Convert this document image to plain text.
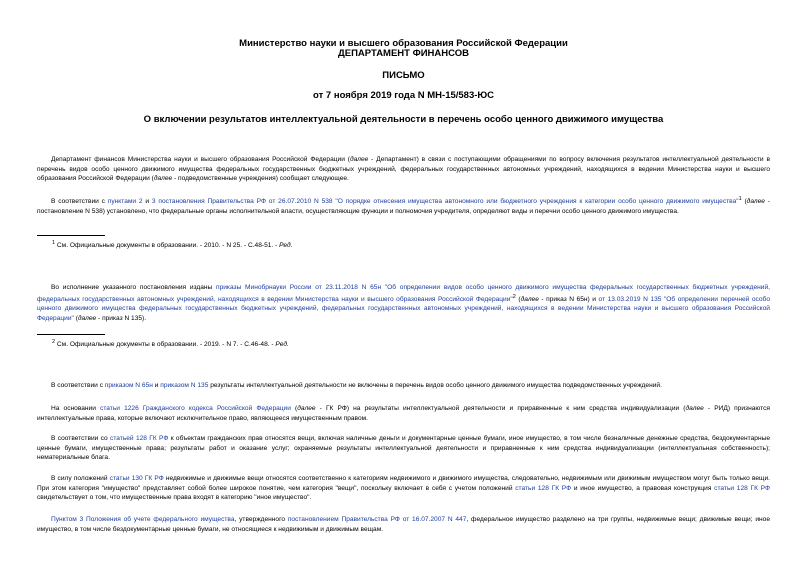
Министерство науки и высшего образования Российской Федерации
ДЕПАРТАМЕНТ ФИНАНСОВ
ПИСЬМО
от 7 ноября 2019 года N МН-15/583-ЮС
О включении результатов интеллектуальной деятельности в перечень особо ценного движимого имущества
Департамент финансов Министерства науки и высшего образования Российской Федерации (далее - Департамент) в связи с поступающими обращениями по вопросу включения результатов интеллектуальной деятельности в перечень видов особо ценного движимого имущества федеральных государственных бюджетных учреждений, федеральных государственных автономных учреждений, находящихся в ведении Министерства науки и высшего образования Российской Федерации (далее - подведомственные учреждения) сообщает следующее.
В соответствии с пунктами 2 и 3 постановления Правительства РФ от 26.07.2010 N 538 "О порядке отнесения имущества автономного или бюджетного учреждения к категории особо ценного движимого имущества"$^1$ (далее - постановление N 538) установлено, что федеральные органы исполнительной власти, осуществляющие функции и полномочия учредителя, определяют виды и перечни особо ценного движимого имущества.
$^1$ См. Официальные документы в образовании. - 2010. - N 25. - С.48-51. - Ред.
Во исполнение указанного постановления изданы приказы Минобрнауки России от 23.11.2018 N 65н "Об определении видов особо ценного движимого имущества федеральных государственных бюджетных учреждений, федеральных государственных автономных учреждений, находящихся в ведении Министерства науки и высшего образования Российской Федерации"$^2$ (далее - приказ N 65н) и от 13.03.2019 N 135 "Об определении перечней особо ценного движимого имущества федеральных государственных бюджетных учреждений, федеральных государственных автономных учреждений, находящихся в ведении Министерства науки и высшего образования Российской Федерации" (далее - приказ N 135).
$^2$ См. Официальные документы в образовании. - 2019. - N 7. - С.46-48. - Ред.
В соответствии с приказом N 65н и приказом N 135 результаты интеллектуальной деятельности не включены в перечень видов особо ценного движимого имущества подведомственных учреждений.
На основании статьи 1226 Гражданского кодекса Российской Федерации (далее - ГК РФ) на результаты интеллектуальной деятельности и приравненные к ним средства индивидуализации (далее - РИД) признаются интеллектуальные права, которые включают исключительное право, являющееся имущественным правом.
В соответствии со статьей 128 ГК РФ к объектам гражданских прав относятся вещи, включая наличные деньги и документарные ценные бумаги, иное имущество, в том числе безналичные денежные средства, бездокументарные ценные бумаги, имущественные права; результаты работ и оказание услуг; охраняемые результаты интеллектуальной деятельности и приравненные к ним средства индивидуализации (интеллектуальная собственность); нематериальные блага.
В силу положений статьи 130 ГК РФ недвижимые и движимые вещи относятся соответственно к категориям недвижимого и движимого имущества, следовательно, недвижимым или движимым имуществом могут быть только вещи. При этом категория "имущество" представляет собой более широкое понятие, чем категория "вещи", поскольку включает в себя с учетом положений статьи 128 ГК РФ и иное имущество, а правовая конструкция статьи 128 ГК РФ свидетельствует о том, что имущественные права входят в категорию "иное имущество".
Пунктом 3 Положения об учете федерального имущества, утвержденного постановлением Правительства РФ от 16.07.2007 N 447, федеральное имущество разделено на три группы, недвижимые вещи; движимые вещи; иное имущество, в том числе бездокументарные ценные бумаги, не относящиеся к недвижимым и движимым вещам.
